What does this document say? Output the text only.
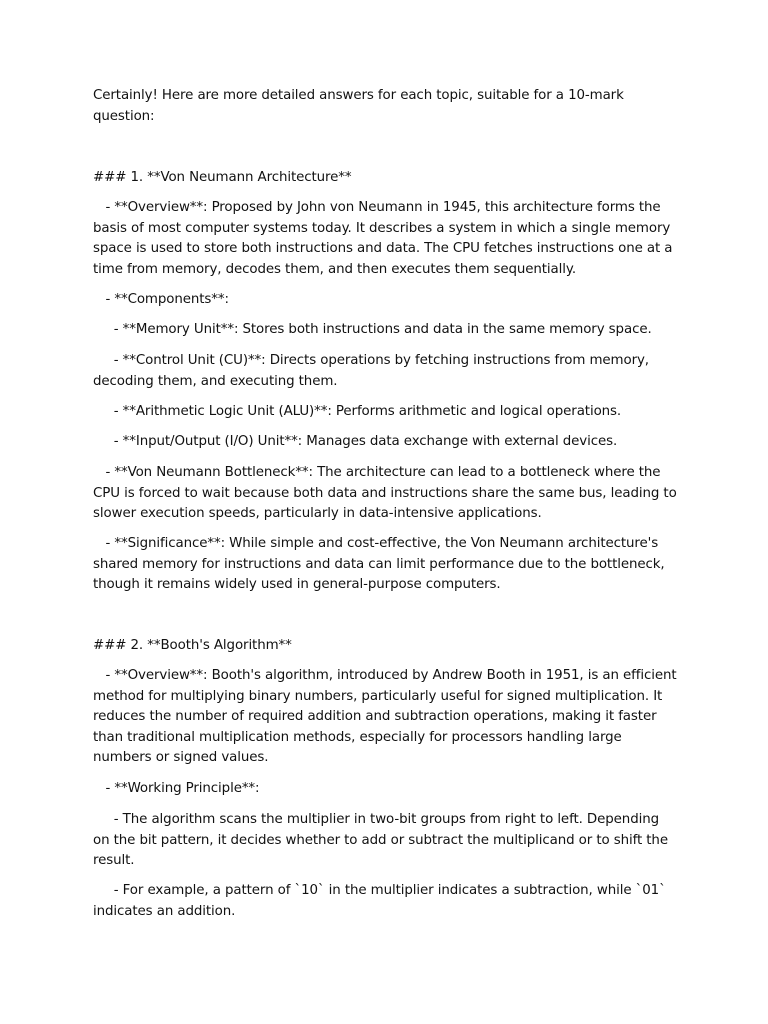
Certainly! Here are more detailed answers for each topic, suitable for a 10-mark question:

### 1. **Von Neumann Architecture**

- **Overview**: Proposed by John von Neumann in 1945, this architecture forms the basis of most computer systems today. It describes a system in which a single memory space is used to store both instructions and data. The CPU fetches instructions one at a time from memory, decodes them, and then executes them sequentially.

- **Components**:

- **Memory Unit**: Stores both instructions and data in the same memory space.

- **Control Unit (CU)**: Directs operations by fetching instructions from memory, decoding them, and executing them.

- **Arithmetic Logic Unit (ALU)**: Performs arithmetic and logical operations.

- **Input/Output (I/O) Unit**: Manages data exchange with external devices.

- **Von Neumann Bottleneck**: The architecture can lead to a bottleneck where the CPU is forced to wait because both data and instructions share the same bus, leading to slower execution speeds, particularly in data-intensive applications.

- **Significance**: While simple and cost-effective, the Von Neumann architecture's shared memory for instructions and data can limit performance due to the bottleneck, though it remains widely used in general-purpose computers.

### 2. **Booth's Algorithm**

- **Overview**: Booth's algorithm, introduced by Andrew Booth in 1951, is an efficient method for multiplying binary numbers, particularly useful for signed multiplication. It reduces the number of required addition and subtraction operations, making it faster than traditional multiplication methods, especially for processors handling large numbers or signed values.

- **Working Principle**:

- The algorithm scans the multiplier in two-bit groups from right to left. Depending on the bit pattern, it decides whether to add or subtract the multiplicand or to shift the result.

- For example, a pattern of `10` in the multiplier indicates a subtraction, while `01` indicates an addition.
